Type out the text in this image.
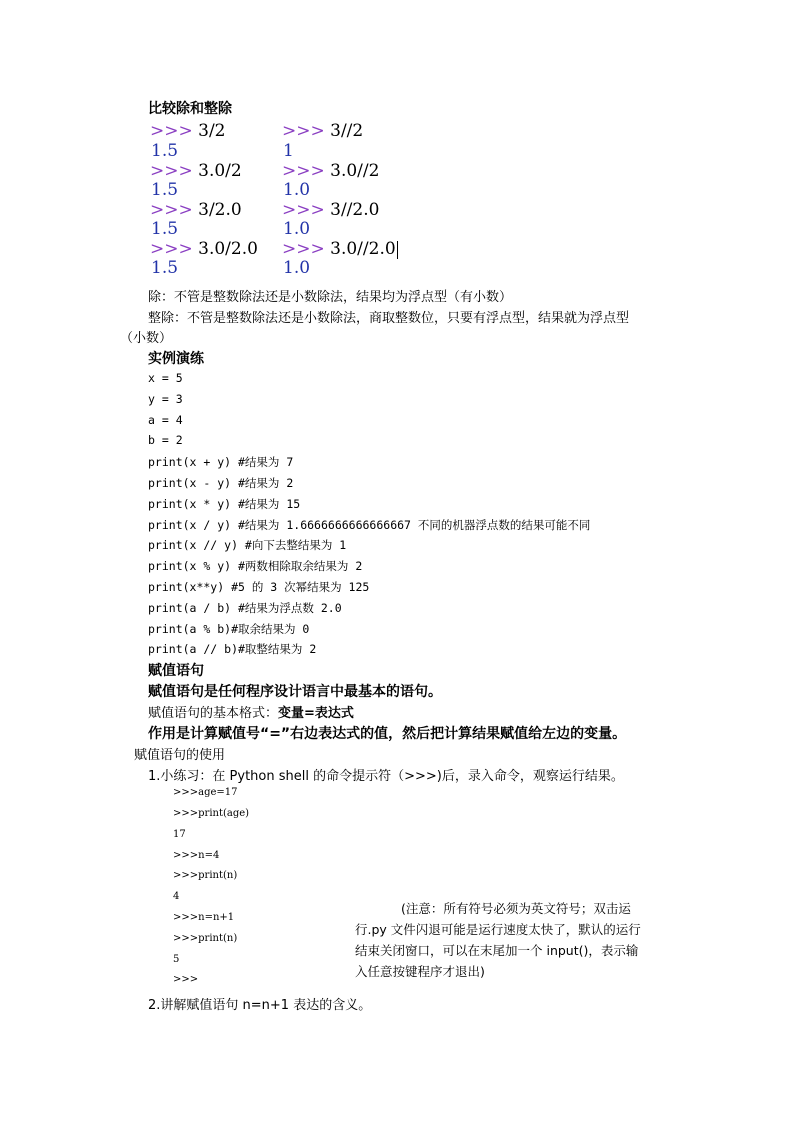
比较除和整除
>>> 3/2
1.5
>>> 3.0/2
1.5
>>> 3/2.0
1.5
>>> 3.0/2.0
1.5
>>> 3//2
1
>>> 3.0//2
1.0
>>> 3//2.0
1.0
>>> 3.0//2.0
1.0
除：不管是整数除法还是小数除法，结果均为浮点型（有小数）
整除：不管是整数除法还是小数除法，商取整数位，只要有浮点型，结果就为浮点型
（小数）
实例演练
x = 5
y = 3
a = 4
b = 2
print(x + y) #结果为 7
print(x - y) #结果为 2
print(x * y) #结果为 15
print(x / y) #结果为 1.6666666666666667 不同的机器浮点数的结果可能不同
print(x // y) #向下去整结果为 1
print(x % y) #两数相除取余结果为 2
print(x**y) #5 的 3 次幂结果为 125
print(a / b) #结果为浮点数 2.0
print(a % b)#取余结果为 0
print(a // b)#取整结果为 2
赋值语句
赋值语句是任何程序设计语言中最基本的语句。
赋值语句的基本格式：变量=表达式
作用是计算赋值号“=”右边表达式的值，然后把计算结果赋值给左边的变量。
赋值语句的使用
1.小练习：在 Python shell 的命令提示符（>>>)后，录入命令，观察运行结果。
>>>age=17
>>>print(age)
17
>>>n=4
>>>print(n)
4
>>>n=n+1
>>>print(n)
5
>>>
(注意：所有符号必须为英文符号；双击运
行.py 文件闪退可能是运行速度太快了，默认的运行
结束关闭窗口，可以在末尾加一个 input()，表示输
入任意按键程序才退出)
2.讲解赋值语句 n=n+1 表达的含义。
